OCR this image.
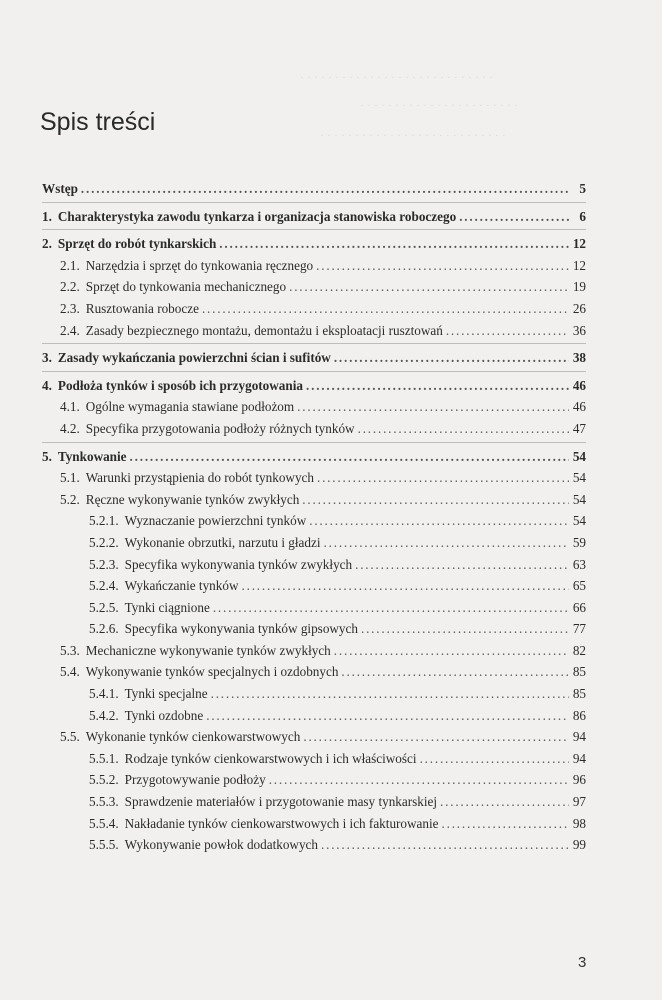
· · · · · · · · · · · · · · · · · · · · · · · · · · · ·
· · · · · · · · · · · · · · · · · · · · · · ·
· · · · · · · · · · · · · · · · · · · · · · · · · · ·
Spis treści
Wstęp .....	5
1. Charakterystyka zawodu tynkarza i organizacja stanowiska roboczego .....	6
2. Sprzęt do robót tynkarskich .....	12
2.1. Narzędzia i sprzęt do tynkowania ręcznego .....	12
2.2. Sprzęt do tynkowania mechanicznego .....	19
2.3. Rusztowania robocze .....	26
2.4. Zasady bezpiecznego montażu, demontażu i eksploatacji rusztowań .....	36
3. Zasady wykańczania powierzchni ścian i sufitów .....	38
4. Podłoża tynków i sposób ich przygotowania .....	46
4.1. Ogólne wymagania stawiane podłożom .....	46
4.2. Specyfika przygotowania podłoży różnych tynków .....	47
5. Tynkowanie .....	54
5.1. Warunki przystąpienia do robót tynkowych .....	54
5.2. Ręczne wykonywanie tynków zwykłych .....	54
5.2.1. Wyznaczanie powierzchni tynków .....	54
5.2.2. Wykonanie obrzutki, narzutu i gładzi .....	59
5.2.3. Specyfika wykonywania tynków zwykłych .....	63
5.2.4. Wykańczanie tynków .....	65
5.2.5. Tynki ciągnione .....	66
5.2.6. Specyfika wykonywania tynków gipsowych .....	77
5.3. Mechaniczne wykonywanie tynków zwykłych .....	82
5.4. Wykonywanie tynków specjalnych i ozdobnych .....	85
5.4.1. Tynki specjalne .....	85
5.4.2. Tynki ozdobne .....	86
5.5. Wykonanie tynków cienkowarstwowych .....	94
5.5.1. Rodzaje tynków cienkowarstwowych i ich właściwości .....	94
5.5.2. Przygotowywanie podłoży .....	96
5.5.3. Sprawdzenie materiałów i przygotowanie masy tynkarskiej .....	97
5.5.4. Nakładanie tynków cienkowarstwowych i ich fakturowanie .....	98
5.5.5. Wykonywanie powłok dodatkowych .....	99
3
